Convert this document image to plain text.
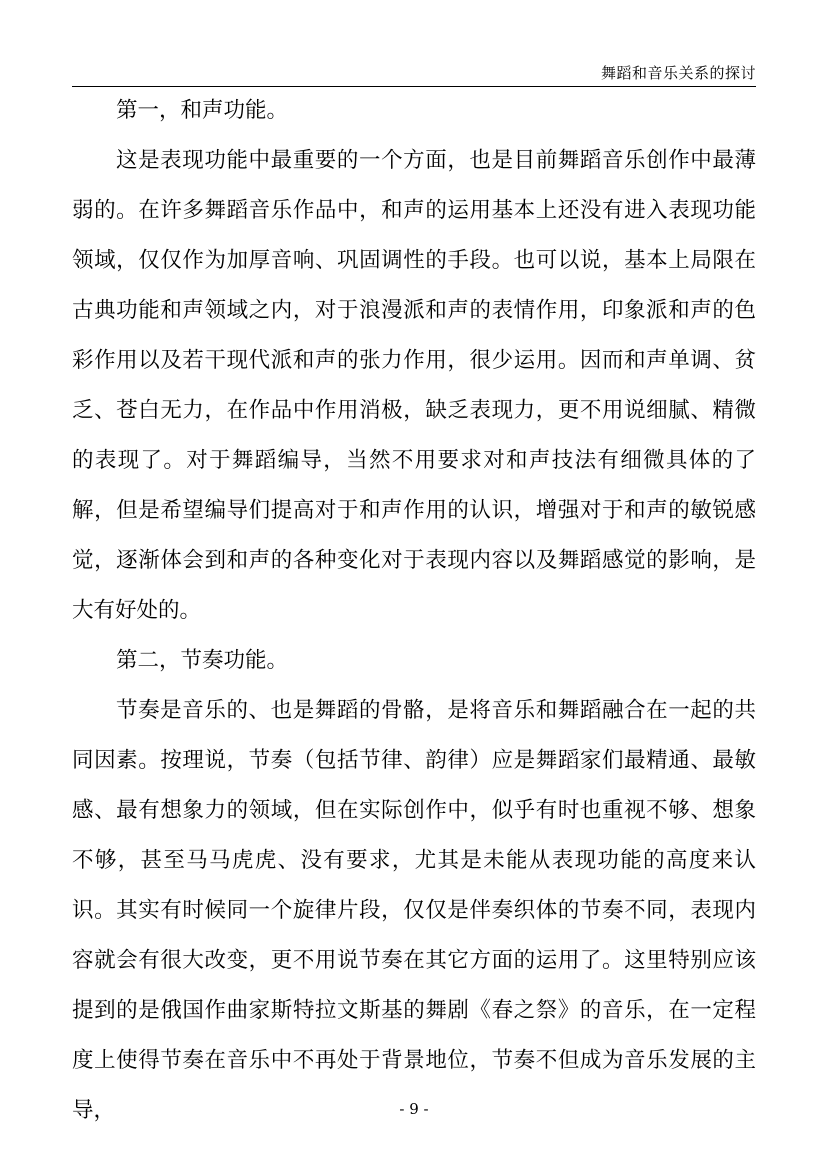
舞蹈和音乐关系的探讨

第一，和声功能。

这是表现功能中最重要的一个方面，也是目前舞蹈音乐创作中最薄弱的。在许多舞蹈音乐作品中，和声的运用基本上还没有进入表现功能领域，仅仅作为加厚音响、巩固调性的手段。也可以说，基本上局限在古典功能和声领域之内，对于浪漫派和声的表情作用，印象派和声的色彩作用以及若干现代派和声的张力作用，很少运用。因而和声单调、贫乏、苍白无力，在作品中作用消极，缺乏表现力，更不用说细腻、精微的表现了。对于舞蹈编导，当然不用要求对和声技法有细微具体的了解，但是希望编导们提高对于和声作用的认识，增强对于和声的敏锐感觉，逐渐体会到和声的各种变化对于表现内容以及舞蹈感觉的影响，是大有好处的。

第二，节奏功能。

节奏是音乐的、也是舞蹈的骨骼，是将音乐和舞蹈融合在一起的共同因素。按理说，节奏（包括节律、韵律）应是舞蹈家们最精通、最敏感、最有想象力的领域，但在实际创作中，似乎有时也重视不够、想象不够，甚至马马虎虎、没有要求，尤其是未能从表现功能的高度来认识。其实有时候同一个旋律片段，仅仅是伴奏织体的节奏不同，表现内容就会有很大改变，更不用说节奏在其它方面的运用了。这里特别应该提到的是俄国作曲家斯特拉文斯基的舞剧《春之祭》的音乐，在一定程度上使得节奏在音乐中不再处于背景地位，节奏不但成为音乐发展的主导，	- 9 -
